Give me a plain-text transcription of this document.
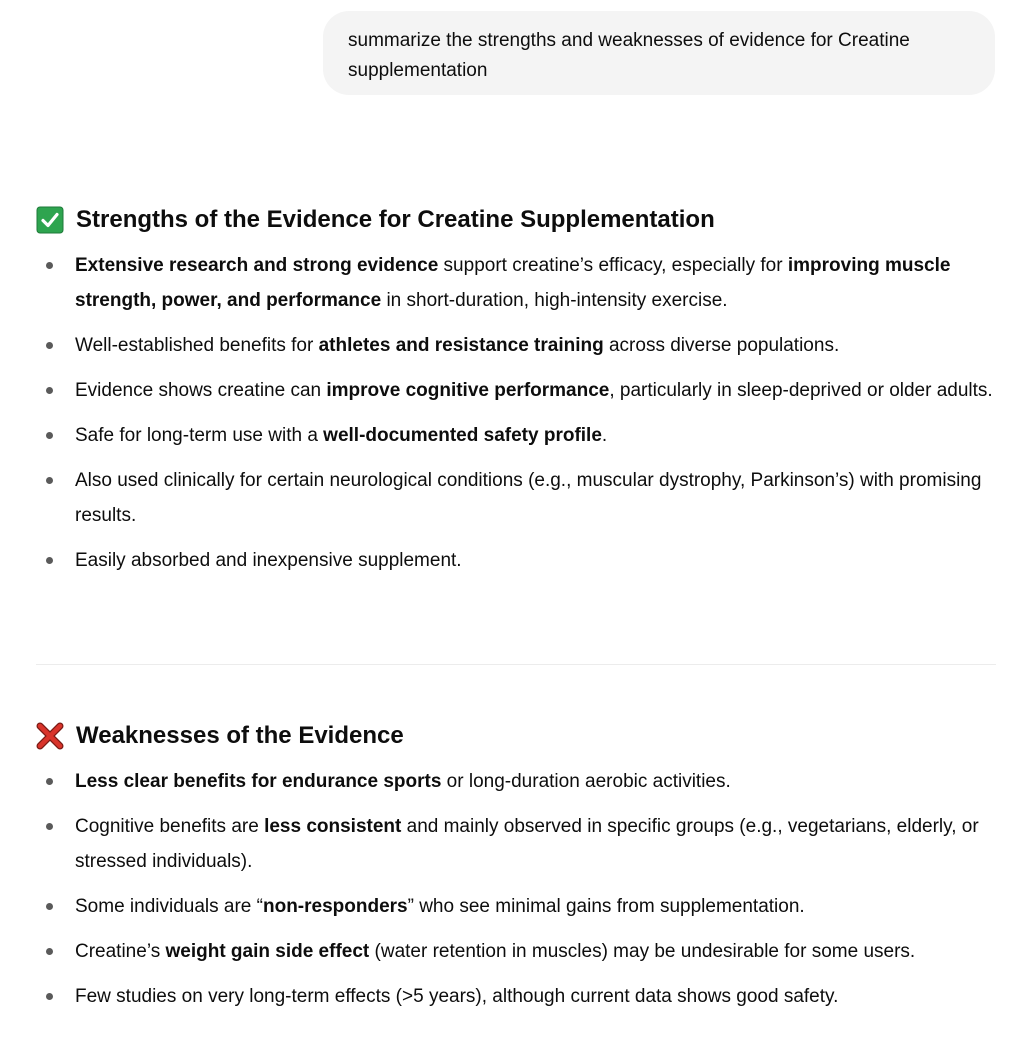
summarize the strengths and weaknesses of evidence for Creatine supplementation
Strengths of the Evidence for Creatine Supplementation
Extensive research and strong evidence support creatine’s efficacy, especially for improving muscle strength, power, and performance in short-duration, high-intensity exercise.
Well-established benefits for athletes and resistance training across diverse populations.
Evidence shows creatine can improve cognitive performance, particularly in sleep-deprived or older adults.
Safe for long-term use with a well-documented safety profile.
Also used clinically for certain neurological conditions (e.g., muscular dystrophy, Parkinson’s) with promising results.
Easily absorbed and inexpensive supplement.
Weaknesses of the Evidence
Less clear benefits for endurance sports or long-duration aerobic activities.
Cognitive benefits are less consistent and mainly observed in specific groups (e.g., vegetarians, elderly, or stressed individuals).
Some individuals are “non-responders” who see minimal gains from supplementation.
Creatine’s weight gain side effect (water retention in muscles) may be undesirable for some users.
Few studies on very long-term effects (>5 years), although current data shows good safety.
